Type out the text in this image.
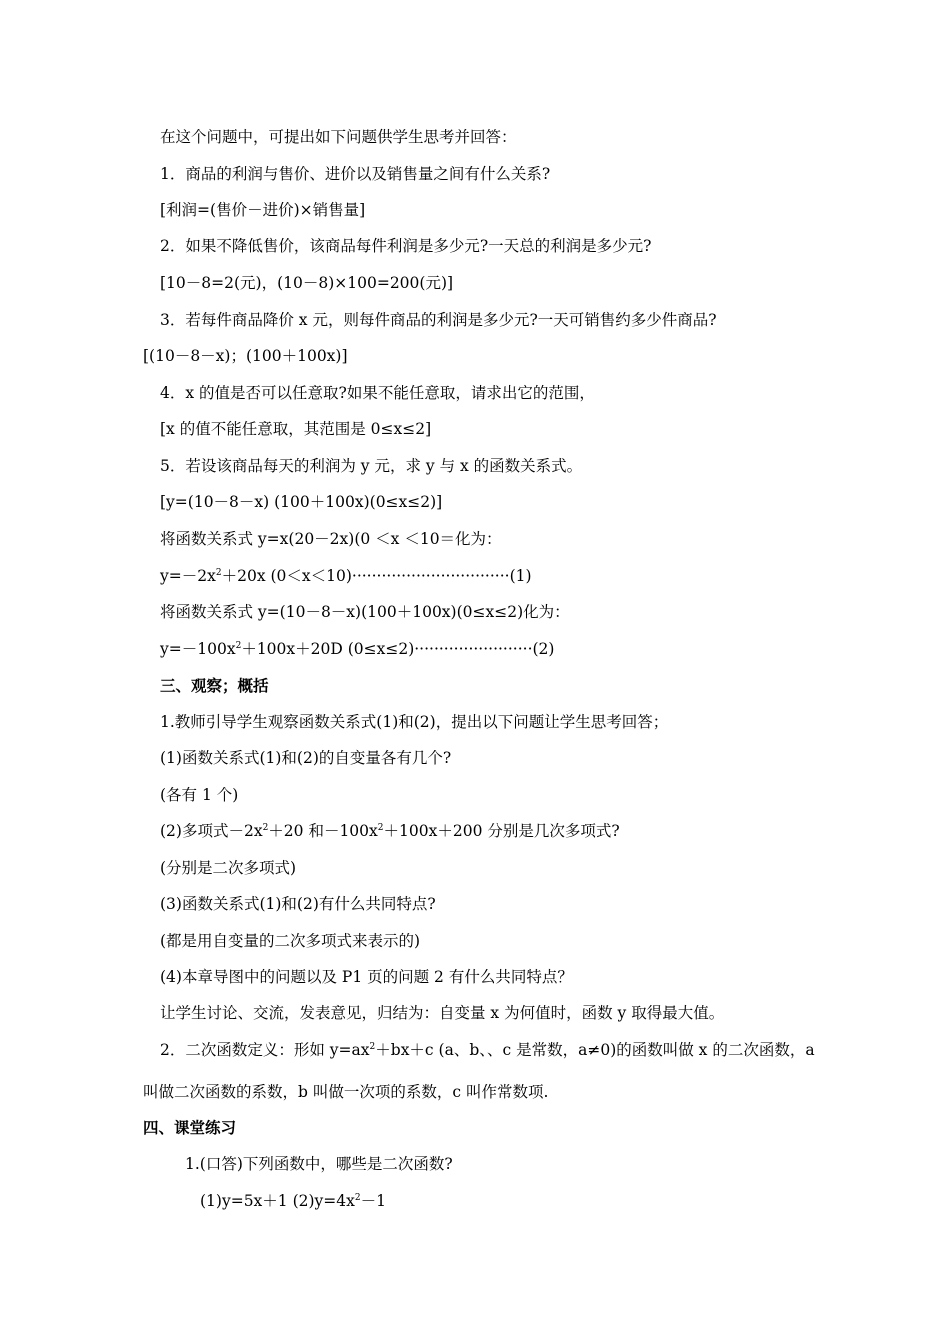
在这个问题中，可提出如下问题供学生思考并回答：
1．商品的利润与售价、进价以及销售量之间有什么关系?
[利润=(售价－进价)×销售量]
2．如果不降低售价，该商品每件利润是多少元?一天总的利润是多少元?
[10－8=2(元)，(10－8)×100=200(元)]
3．若每件商品降价 x 元，则每件商品的利润是多少元?一天可销售约多少件商品?
[(10－8－x)；(100＋100x)]
4．x 的值是否可以任意取?如果不能任意取，请求出它的范围，
[x 的值不能任意取，其范围是 0≤x≤2]
5．若设该商品每天的利润为 y 元，求 y 与 x 的函数关系式。
[y=(10－8－x) (100＋100x)(0≤x≤2)]
将函数关系式 y=x(20－2x)(0 ＜x ＜10＝化为：
$y=-2x^2+20x$ (0＜x＜10)································(1)
将函数关系式 y=(10－8－x)(100＋100x)(0≤x≤2)化为：
$y=-100x^2+100x+20D$ (0≤x≤2)························(2)
三、观察；概括
1.教师引导学生观察函数关系式(1)和(2)，提出以下问题让学生思考回答；
(1)函数关系式(1)和(2)的自变量各有几个?
(各有 1 个)
(2)多项式$-2x^2+20$ 和$-100x^2+100x+200$ 分别是几次多项式?
(分别是二次多项式)
(3)函数关系式(1)和(2)有什么共同特点?
(都是用自变量的二次多项式来表示的)
(4)本章导图中的问题以及 P1 页的问题 2 有什么共同特点？
让学生讨论、交流，发表意见，归结为：自变量 x 为何值时，函数 y 取得最大值。
2．二次函数定义：形如 $y=ax^2+bx+c$ (a、b、、c 是常数，a≠0)的函数叫做 x 的二次函数，a
叫做二次函数的系数，b 叫做一次项的系数，c 叫作常数项.
四、课堂练习
1.(口答)下列函数中，哪些是二次函数?
(1)y=5x＋1 $(2)y=4x^2-1$
